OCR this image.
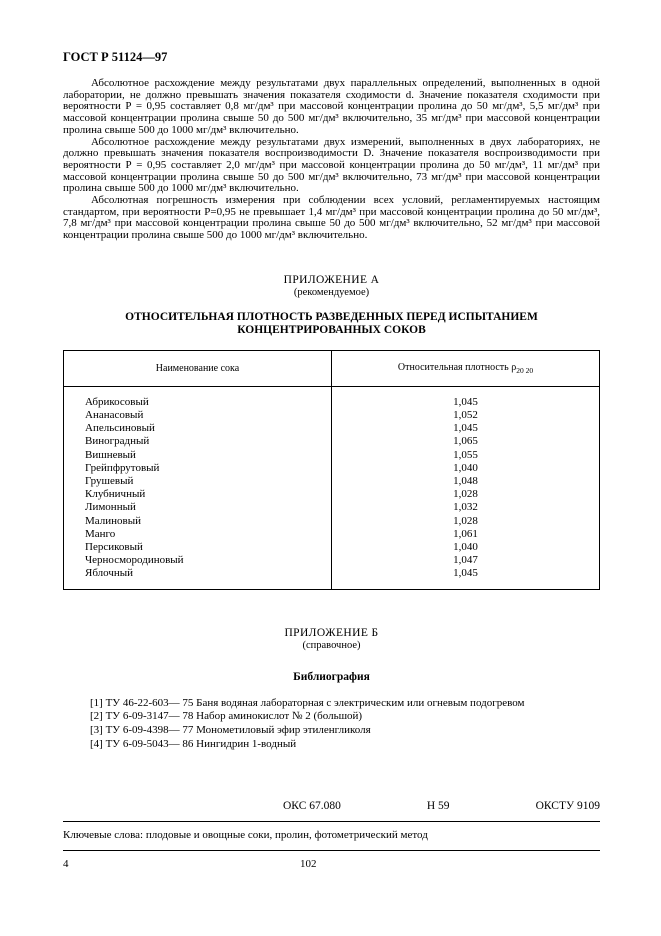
ГОСТ Р 51124—97

Абсолютное расхождение между результатами двух параллельных определений, выполненных в одной лаборатории, не должно превышать значения показателя сходимости d. Значение показателя сходимости при вероятности Р = 0,95 составляет 0,8 мг/дм³ при массовой концентрации пролина до 50 мг/дм³, 5,5 мг/дм³ при массовой концентрации пролина свыше 50 до 500 мг/дм³ включительно, 35 мг/дм³ при массовой концентрации пролина свыше 500 до 1000 мг/дм³ включительно.

Абсолютное расхождение между результатами двух измерений, выполненных в двух лабораториях, не должно превышать значения показателя воспроизводимости D. Значение показателя воспроизводимости при вероятности Р = 0,95 составляет 2,0 мг/дм³ при массовой концентрации пролина до 50 мг/дм³, 11 мг/дм³ при массовой концентрации пролина свыше 50 до 500 мг/дм³ включительно, 73 мг/дм³ при массовой концентрации пролина свыше 500 до 1000 мг/дм³ включительно.

Абсолютная погрешность измерения при соблюдении всех условий, регламентируемых настоящим стандартом, при вероятности Р=0,95 не превышает 1,4 мг/дм³ при массовой концентрации пролина до 50 мг/дм³, 7,8 мг/дм³ при массовой концентрации пролина свыше 50 до 500 мг/дм³ включительно, 52 мг/дм³ при массовой концентрации пролина свыше 500 до 1000 мг/дм³ включительно.

ПРИЛОЖЕНИЕ А
(рекомендуемое)
ОТНОСИТЕЛЬНАЯ ПЛОТНОСТЬ РАЗВЕДЕННЫХ ПЕРЕД ИСПЫТАНИЕМ
КОНЦЕНТРИРОВАННЫХ СОКОВ
Наименование сока	Относительная плотность $\rho_{20 20}$
Абрикосовый	1,045
Ананасовый	1,052
Апельсиновый	1,045
Виноградный	1,065
Вишневый	1,055
Грейпфрутовый	1,040
Грушевый	1,048
Клубничный	1,028
Лимонный	1,032
Малиновый	1,028
Манго	1,061
Персиковый	1,040
Черносмородиновый	1,047
Яблочный	1,045
ПРИЛОЖЕНИЕ Б
(справочное)
Библиография
[1] ТУ 46-22-603— 75 Баня водяная лабораторная с электрическим или огневым подогревом
[2] ТУ 6-09-3147— 78 Набор аминокислот № 2 (большой)
[3] ТУ 6-09-4398— 77 Монометиловый эфир этиленгликоля
[4] ТУ 6-09-5043— 86 Нингидрин 1-водный
ОКС 67.080	Н 59	ОКСТУ 9109
Ключевые слова: плодовые и овощные соки, пролин, фотометрический метод
4	102
